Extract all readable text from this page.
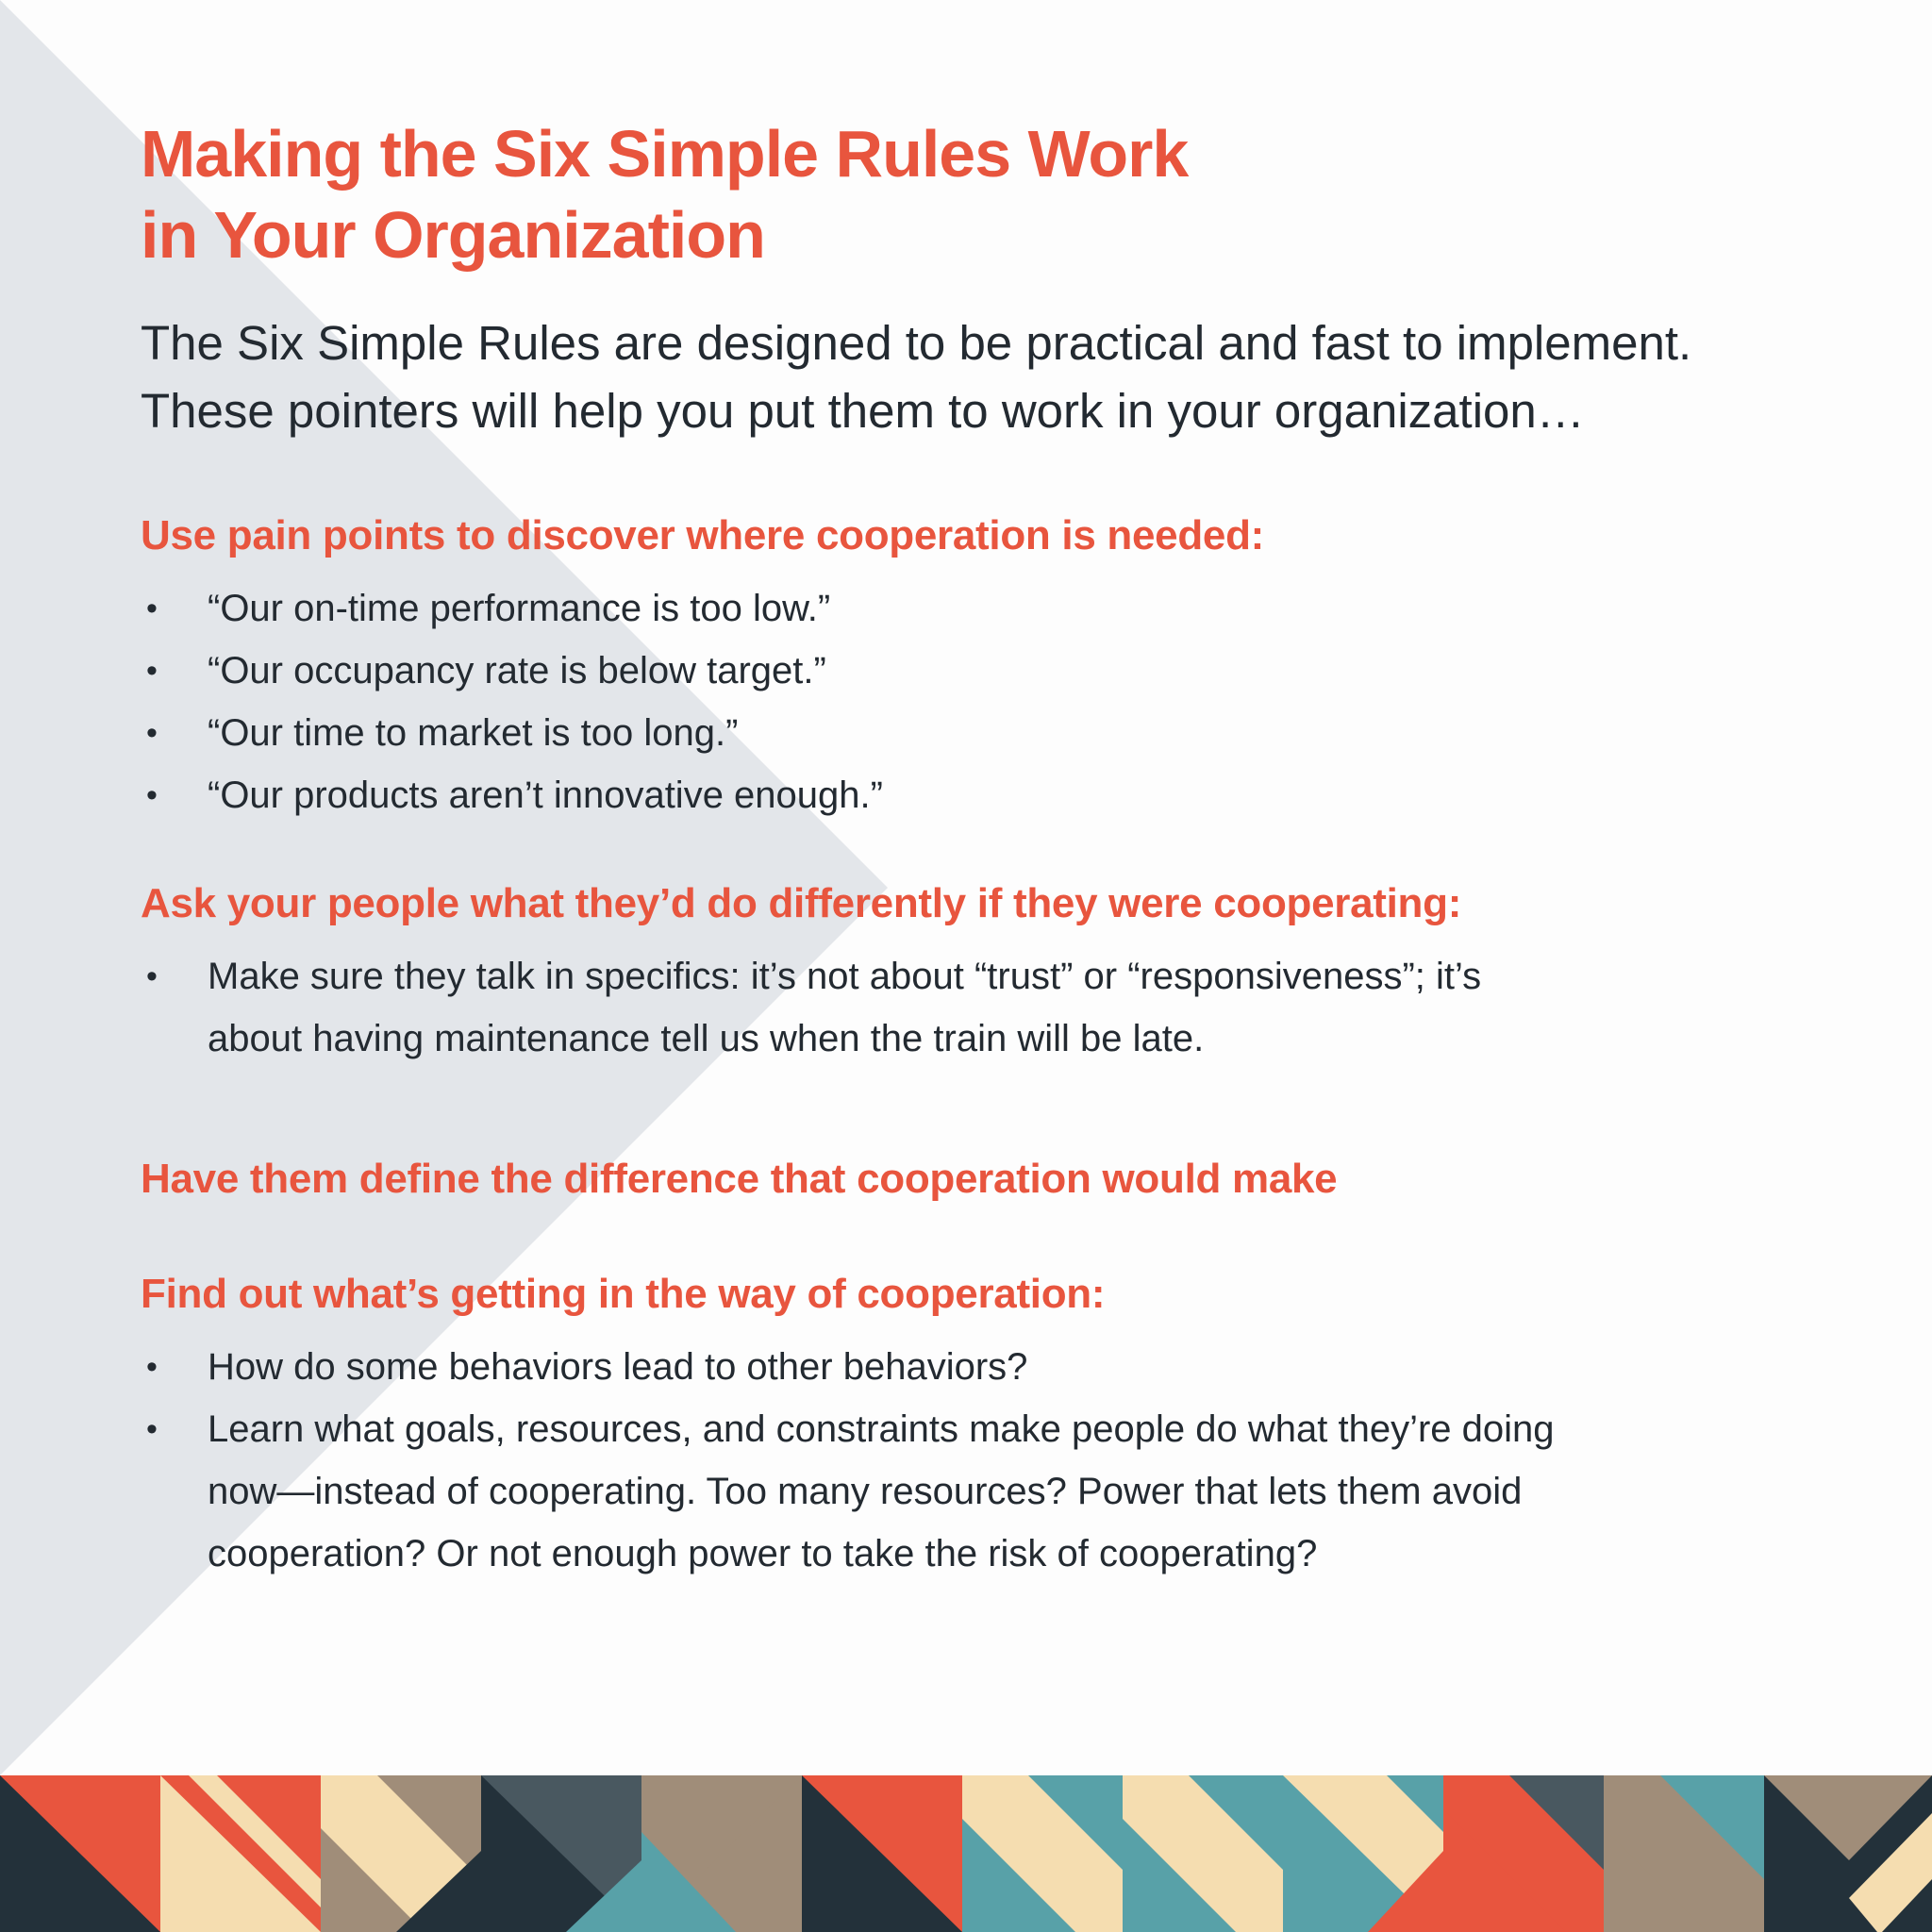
Making the Six Simple Rules Work
in Your Organization

The Six Simple Rules are designed to be practical and fast to implement.
These pointers will help you put them to work in your organization…

Use pain points to discover where cooperation is needed:
• “Our on-time performance is too low.”
• “Our occupancy rate is below target.”
• “Our time to market is too long.”
• “Our products aren’t innovative enough.”
Ask your people what they’d do differently if they were cooperating:
• Make sure they talk in specifics: it’s not about “trust” or “responsiveness”; it’s about having maintenance tell us when the train will be late.
Have them define the difference that cooperation would make
Find out what’s getting in the way of cooperation:
• How do some behaviors lead to other behaviors?
• Learn what goals, resources, and constraints make people do what they’re doing now—instead of cooperating. Too many resources? Power that lets them avoid cooperation? Or not enough power to take the risk of cooperating?
